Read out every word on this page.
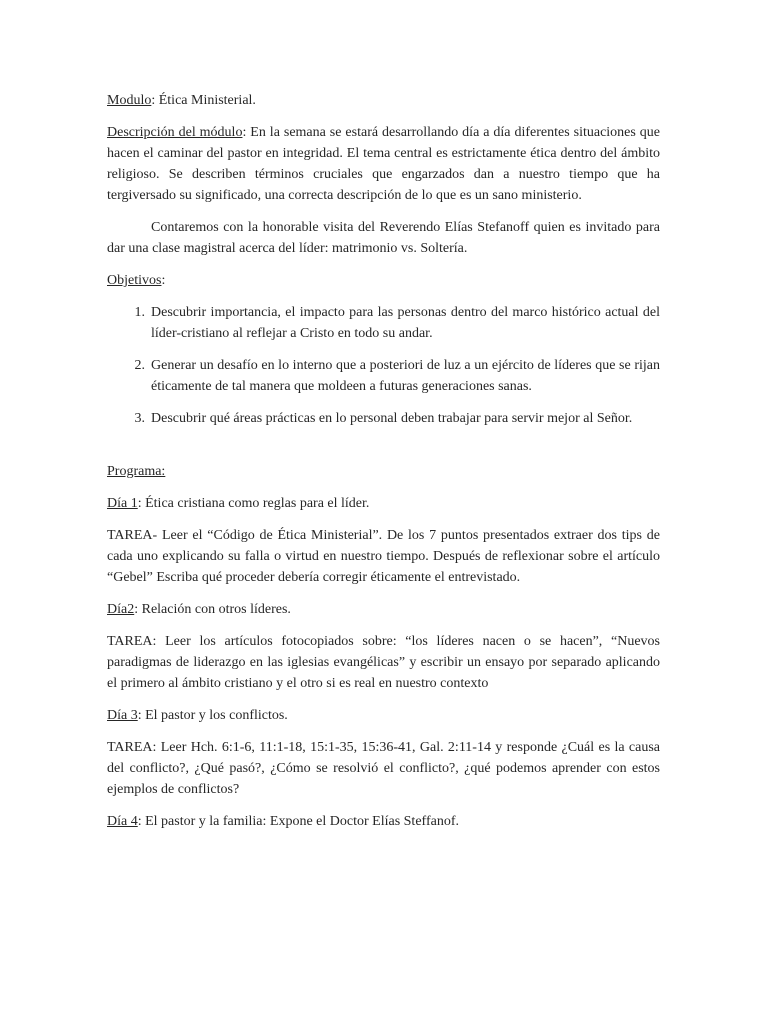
Modulo: Ética Ministerial.

Descripción del módulo: En la semana se estará desarrollando día a día diferentes situaciones que hacen el caminar del pastor en integridad. El tema central es estrictamente ética dentro del ámbito religioso. Se describen términos cruciales que engarzados dan a nuestro tiempo que ha tergiversado su significado, una correcta descripción de lo que es un sano ministerio.

Contaremos con la honorable visita del Reverendo Elías Stefanoff quien es invitado para dar una clase magistral acerca del líder: matrimonio vs. Soltería.

Objetivos:

1. Descubrir importancia, el impacto para las personas dentro del marco histórico actual del líder-cristiano al reflejar a Cristo en todo su andar.
2. Generar un desafío en lo interno que a posteriori de luz a un ejército de líderes que se rijan éticamente de tal manera que moldeen a futuras generaciones sanas.
3. Descubrir qué áreas prácticas en lo personal deben trabajar para servir mejor al Señor.

Programa:

Día 1: Ética cristiana como reglas para el líder.

TAREA- Leer el “Código de Ética Ministerial”. De los 7 puntos presentados extraer dos tips de cada uno explicando su falla o virtud en nuestro tiempo. Después de reflexionar sobre el artículo “Gebel” Escriba qué proceder debería corregir éticamente el entrevistado.

Día2: Relación con otros líderes.

TAREA: Leer los artículos fotocopiados sobre: “los líderes nacen o se hacen”, “Nuevos paradigmas de liderazgo en las iglesias evangélicas” y escribir un ensayo por separado aplicando el primero al ámbito cristiano y el otro si es real en nuestro contexto

Día 3: El pastor y los conflictos.

TAREA: Leer Hch. 6:1-6, 11:1-18, 15:1-35, 15:36-41, Gal. 2:11-14 y responde ¿Cuál es la causa del conflicto?, ¿Qué pasó?, ¿Cómo se resolvió el conflicto?, ¿qué podemos aprender con estos ejemplos de conflictos?

Día 4: El pastor y la familia: Expone el Doctor Elías Steffanof.
